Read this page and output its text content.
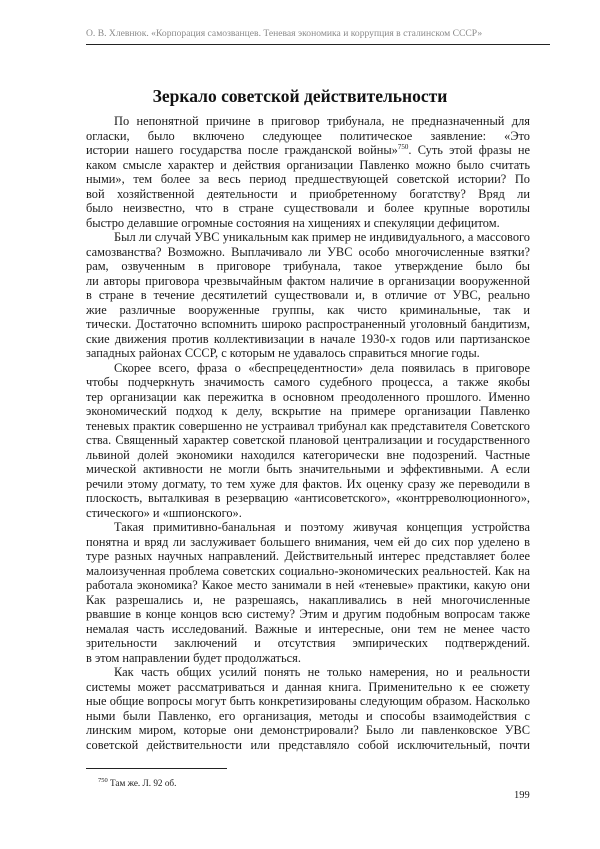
О. В. Хлевнюк. «Корпорация самозванцев. Теневая экономика и коррупция в сталинском СССР»
Зеркало советской действительности
По непонятной причине в приговор трибунала, не предназначенный для
огласки, было включено следующее политическое заявление: «Это
истории нашего государства после гражданской войны»$^{750}$. Суть этой фразы не
каком смысле характер и действия организации Павленко можно было считать
ными», тем более за весь период предшествующей советской истории? По
вой хозяйственной деятельности и приобретенному богатству? Вряд ли
было неизвестно, что в стране существовали и более крупные воротилы
быстро делавшие огромные состояния на хищениях и спекуляции дефицитом.
Был ли случай УВС уникальным как пример не индивидуального, а массового
самозванства? Возможно. Выплачивало ли УВС особо многочисленные взятки?
рам, озвученным в приговоре трибунала, такое утверждение было бы
ли авторы приговора чрезвычайным фактом наличие в организации вооруженной
в стране в течение десятилетий существовали и, в отличие от УВС, реально
жие различные вооруженные группы, как чисто криминальные, так и
тически. Достаточно вспомнить широко распространенный уголовный бандитизм,
ские движения против коллективизации в начале 1930-х годов или партизанское
западных районах СССР, с которым не удавалось справиться многие годы.
Скорее всего, фраза о «беспрецедентности» дела появилась в приговоре
чтобы подчеркнуть значимость самого судебного процесса, а также якобы
тер организации как пережитка в основном преодоленного прошлого. Именно
экономический подход к делу, вскрытие на примере организации Павленко
теневых практик совершенно не устраивал трибунал как представителя Советского
ства. Священный характер советской плановой централизации и государственного
львиной долей экономики находился категорически вне подозрений. Частные
мической активности не могли быть значительными и эффективными. А если
речили этому догмату, то тем хуже для фактов. Их оценку сразу же переводили в
плоскость, выталкивая в резервацию «антисоветского», «контрреволюционного»,
стического» и «шпионского».
Такая примитивно-банальная и поэтому живучая концепция устройства
понятна и вряд ли заслуживает большего внимания, чем ей до сих пор уделено в
туре разных научных направлений. Действительный интерес представляет более
малоизученная проблема советских социально-экономических реальностей. Как на
работала экономика? Какое место занимали в ней «теневые» практики, какую они
Как разрешались и, не разрешаясь, накапливались в ней многочисленные
рвавшие в конце концов всю систему? Этим и другим подобным вопросам также
немалая часть исследований. Важные и интересные, они тем не менее часто
зрительности заключений и отсутствия эмпирических подтверждений.
в этом направлении будет продолжаться.
Как часть общих усилий понять не только намерения, но и реальности
системы может рассматриваться и данная книга. Применительно к ее сюжету
ные общие вопросы могут быть конкретизированы следующим образом. Насколько
ными были Павленко, его организация, методы и способы взаимодействия с
линским миром, которые они демонстрировали? Было ли павленковское УВС
советской действительности или представляло собой исключительный, почти
$^{750}$ Там же. Л. 92 об.
199
